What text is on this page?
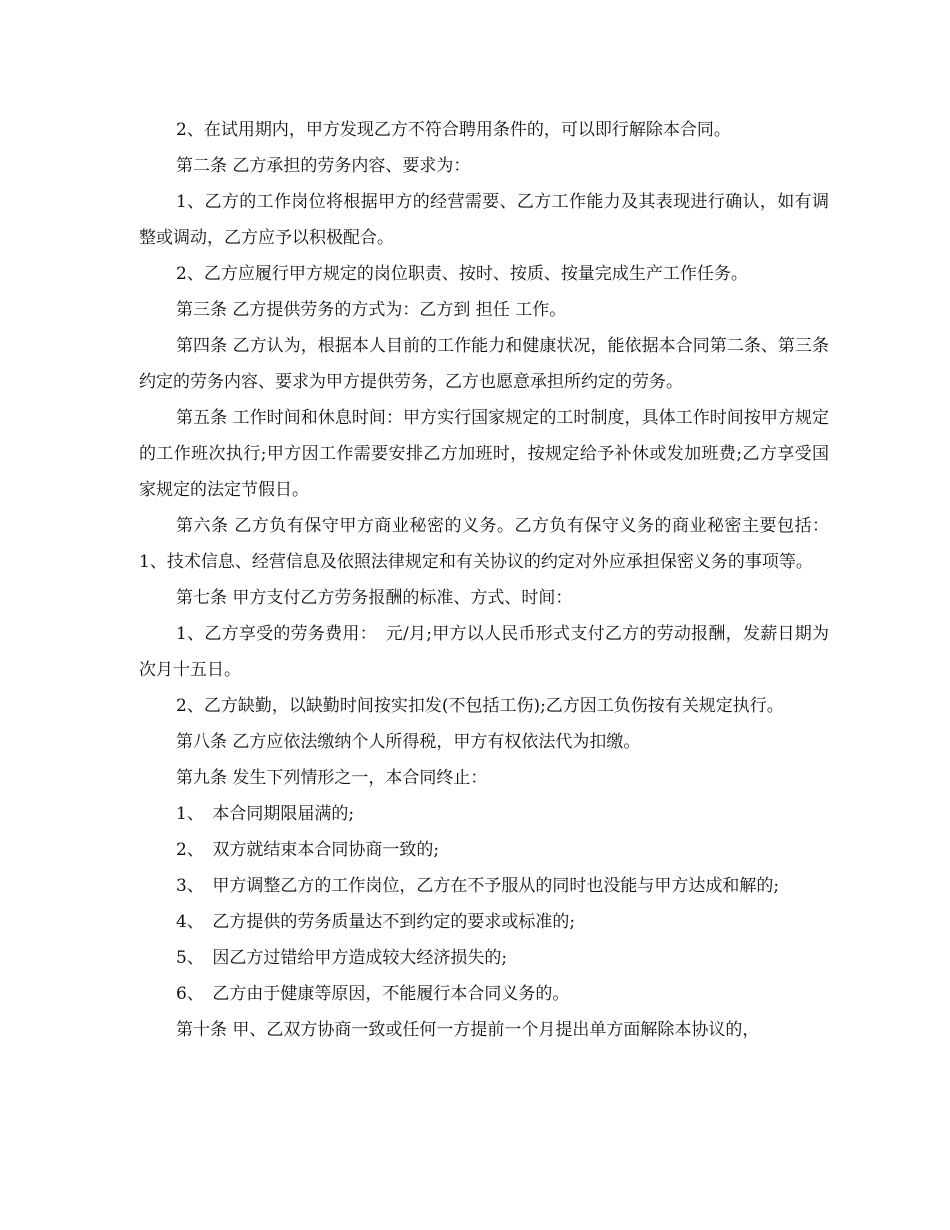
2、在试用期内，甲方发现乙方不符合聘用条件的，可以即行解除本合同。

第二条 乙方承担的劳务内容、要求为：

1、乙方的工作岗位将根据甲方的经营需要、乙方工作能力及其表现进行确认，如有调整或调动，乙方应予以积极配合。

2、乙方应履行甲方规定的岗位职责、按时、按质、按量完成生产工作任务。

第三条 乙方提供劳务的方式为：乙方到 担任 工作。

第四条 乙方认为，根据本人目前的工作能力和健康状况，能依据本合同第二条、第三条约定的劳务内容、要求为甲方提供劳务，乙方也愿意承担所约定的劳务。

第五条 工作时间和休息时间：甲方实行国家规定的工时制度，具体工作时间按甲方规定的工作班次执行;甲方因工作需要安排乙方加班时，按规定给予补休或发加班费;乙方享受国家规定的法定节假日。

第六条 乙方负有保守甲方商业秘密的义务。乙方负有保守义务的商业秘密主要包括：1、技术信息、经营信息及依照法律规定和有关协议的约定对外应承担保密义务的事项等。

第七条 甲方支付乙方劳务报酬的标准、方式、时间：

1、乙方享受的劳务费用：　元/月;甲方以人民币形式支付乙方的劳动报酬，发薪日期为次月十五日。

2、乙方缺勤，以缺勤时间按实扣发(不包括工伤);乙方因工负伤按有关规定执行。

第八条 乙方应依法缴纳个人所得税，甲方有权依法代为扣缴。

第九条 发生下列情形之一，本合同终止：

1、　本合同期限届满的;

2、　双方就结束本合同协商一致的;

3、　甲方调整乙方的工作岗位，乙方在不予服从的同时也没能与甲方达成和解的;

4、　乙方提供的劳务质量达不到约定的要求或标准的;

5、　因乙方过错给甲方造成较大经济损失的;

6、　乙方由于健康等原因，不能履行本合同义务的。

第十条 甲、乙双方协商一致或任何一方提前一个月提出单方面解除本协议的，
